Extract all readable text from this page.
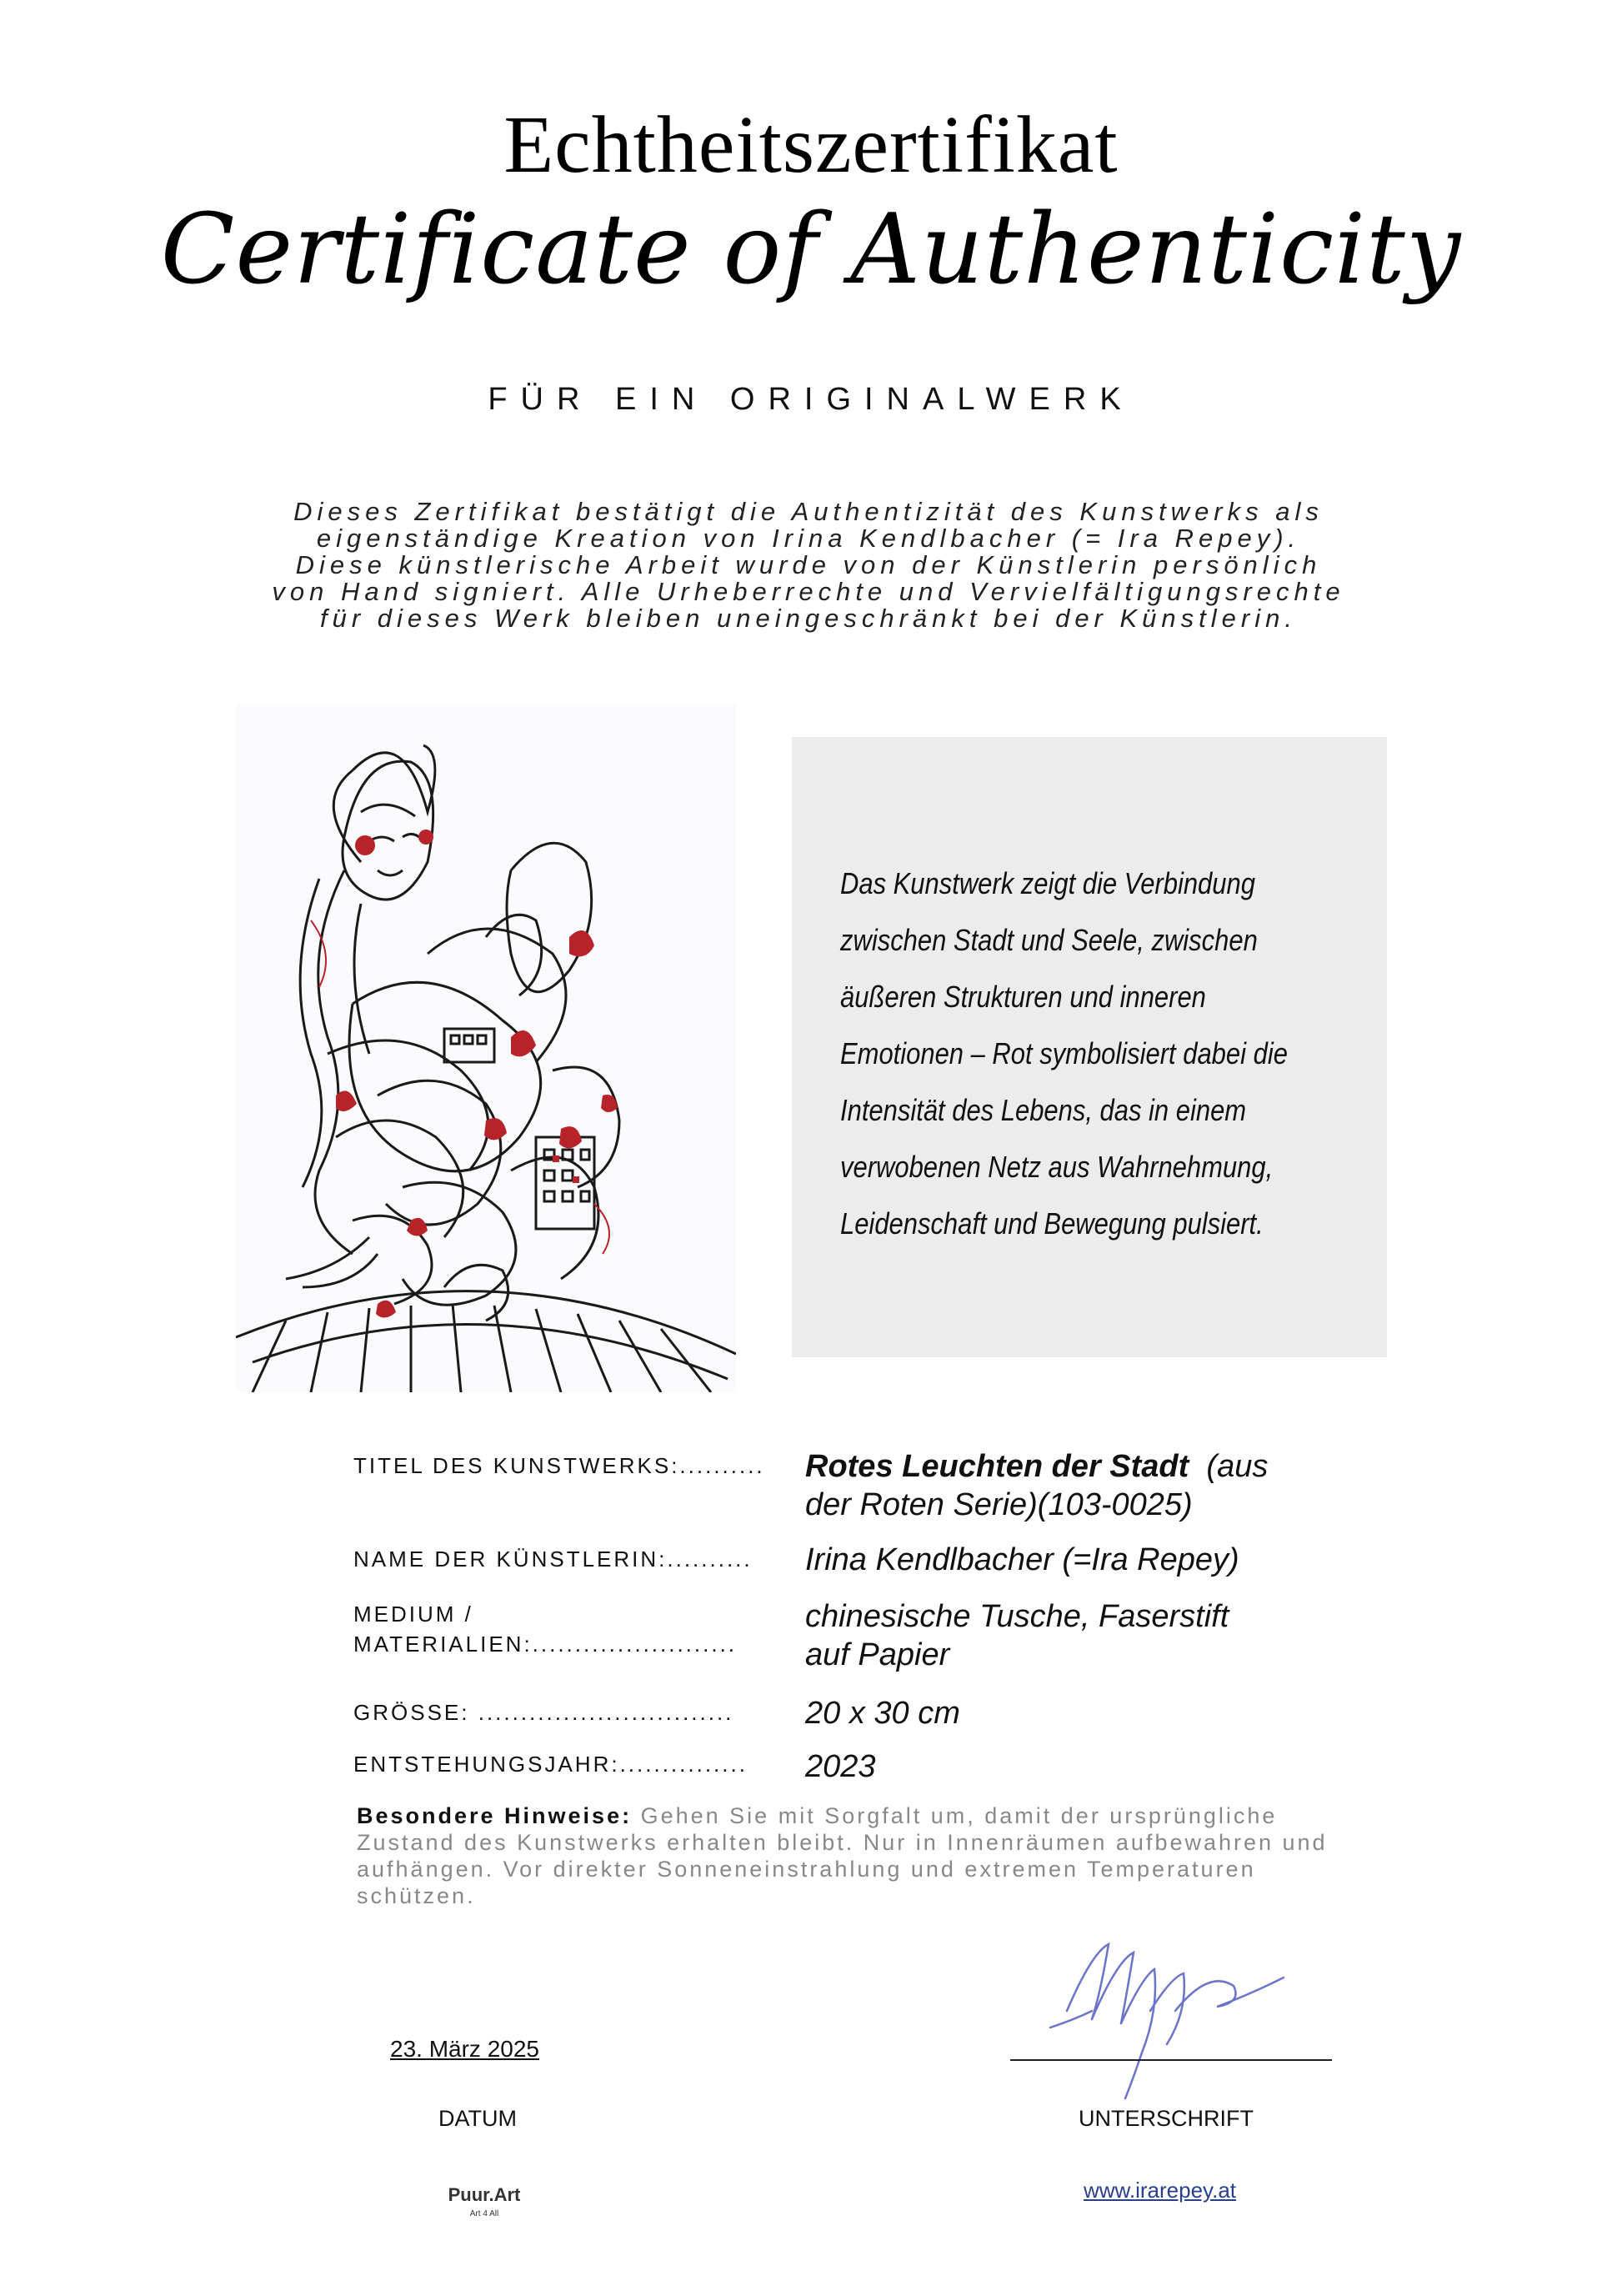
Echtheitszertifikat
Certificate of Authenticity
FÜR EIN ORIGINALWERK
Dieses Zertifikat bestätigt die Authentizität des Kunstwerks als
eigenständige Kreation von Irina Kendlbacher (= Ira Repey).
Diese künstlerische Arbeit wurde von der Künstlerin persönlich
von Hand signiert. Alle Urheberrechte und Vervielfältigungsrechte
für dieses Werk bleiben uneingeschränkt bei der Künstlerin.
Das Kunstwerk zeigt die Verbindung
zwischen Stadt und Seele, zwischen
äußeren Strukturen und inneren
Emotionen – Rot symbolisiert dabei die
Intensität des Lebens, das in einem
verwobenen Netz aus Wahrnehmung,
Leidenschaft und Bewegung pulsiert.
TITEL DES KUNSTWERKS:..........	Rotes Leuchten der Stadt (aus
der Roten Serie)(103-0025)
NAME DER KÜNSTLERIN:..........	Irina Kendlbacher (=Ira Repey)
MEDIUM /
MATERIALIEN:........................
chinesische Tusche, Faserstift
auf Papier
GRÖSSE: ..............................	20 x 30 cm
ENTSTEHUNGSJAHR:...............	2023
Besondere Hinweise: Gehen Sie mit Sorgfalt um, damit der ursprüngliche Zustand des Kunstwerks erhalten bleibt. Nur in Innenräumen aufbewahren und aufhängen. Vor direkter Sonneneinstrahlung und extremen Temperaturen schützen.
23. März 2025
DATUM	UNTERSCHRIFT
Puur.Art
Art 4 All
www.irarepey.at
